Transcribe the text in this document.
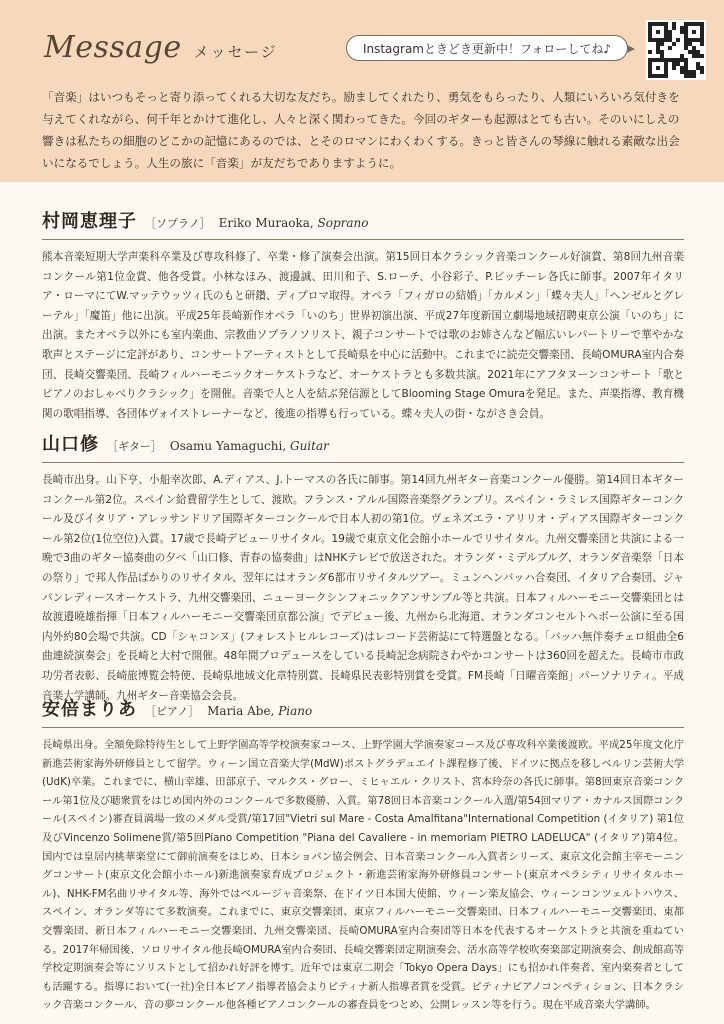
Message メッセージ	Instagramときどき更新中！フォローしてね♪

「音楽」はいつもそっと寄り添ってくれる大切な友だち。励ましてくれたり、勇気をもらったり、人類にいろいろ気付きを与えてくれながら、何千年とかけて進化し、人々と深く関わってきた。今回のギターも起源はとても古い。そのいにしえの響きは私たちの細胞のどこかの記憶にあるのでは、とそのロマンにわくわくする。きっと皆さんの琴線に触れる素敵な出会いになるでしょう。人生の旅に「音楽」が友だちでありますように。

村岡恵理子 ［ソプラノ］ Eriko Muraoka, Soprano

熊本音楽短期大学声楽科卒業及び専攻科修了、卒業・修了演奏会出演。第15回日本クラシック音楽コンクール好演賞、第8回九州音楽コンクール第1位金賞、他各受賞。小林なほみ、渡邊誠、田川和子、S.ローチ、小谷彩子、P.ビッチーレ各氏に師事。2007年イタリア・ローマにてW.マッテウッツィ氏のもと研鑽、ディプロマ取得。オペラ「フィガロの結婚」「カルメン」「蝶々夫人」「ヘンゼルとグレーテル」「魔笛」他に出演。平成25年長崎新作オペラ「いのち」世界初演出演、平成27年度新国立劇場地域招聘東京公演「いのち」に出演。またオペラ以外にも室内楽曲、宗教曲ソプラノソリスト、親子コンサートでは歌のお姉さんなど幅広いレパートリーで華やかな歌声とステージに定評があり、コンサートアーティストとして長崎県を中心に活動中。これまでに読売交響楽団、長崎OMURA室内合奏団、長崎交響楽団、長崎フィルハーモニックオーケストラなど、オーケストラとも多数共演。2021年にアフタヌーンコンサート「歌とピアノのおしゃべりクラシック」を開催。音楽で人と人を結ぶ発信源としてBlooming Stage Omuraを発足。また、声楽指導、教育機関の歌唱指導、各団体ヴォイストレーナーなど、後進の指導も行っている。蝶々夫人の街・ながさき会員。

山口修 ［ギター］ Osamu Yamaguchi, Guitar

長崎市出身。山下亨、小船幸次郎、A.ディアス、J.トーマスの各氏に師事。第14回九州ギター音楽コンクール優勝。第14回日本ギターコンクール第2位。スペイン給費留学生として、渡欧。フランス・アルル国際音楽祭グランプリ。スペイン・ラミレス国際ギターコンクール及びイタリア・アレッサンドリア国際ギターコンクールで日本人初の第1位。ヴェネズエラ・アリリオ・ディアス国際ギターコンクール第2位(1位空位)入賞。17歳で長崎デビューリサイタル。19歳で東京文化会館小ホールでリサイタル。九州交響楽団と共演による一晩で3曲のギター協奏曲の夕べ「山口修、青春の協奏曲」はNHKテレビで放送された。オランダ・ミデルブルグ、オランダ音楽祭「日本の祭り」で邦人作品ばかりのリサイタル、翌年にはオランダ6都市リサイタルツアー。ミュンヘンバッハ合奏団、イタリア合奏団、ジャパンレディースオーケストラ、九州交響楽団、ニューヨークシンフォニックアンサンブル等と共演。日本フィルハーモニー交響楽団とは故渡邉曉雄指揮「日本フィルハーモニー交響楽団京都公演」でデビュー後、九州から北海道、オランダコンセルトヘボー公演に至る国内外約80会場で共演。CD「シャコンヌ」(フォレストヒルレコーズ)はレコード芸術誌にて特選盤となる。「バッハ無伴奏チェロ組曲全6曲連続演奏会」を長崎と大村で開催。48年間プロデュースをしている長崎記念病院さわやかコンサートは360回を超えた。長崎市市政功労者表彰、長崎旅博覧会特使、長崎県地域文化章特別賞、長崎県民表彰特別賞を受賞。FM長崎「日曜音楽館」パーソナリティ。平成音楽大学講師。九州ギター音楽協会会長。

安倍まりあ ［ピアノ］ Maria Abe, Piano

長崎県出身。全額免除特待生として上野学園高等学校演奏家コース、上野学園大学演奏家コース及び専攻科卒業後渡欧。平成25年度文化庁新進芸術家海外研修員として留学。ウィーン国立音楽大学(MdW)ポストグラデュエイト課程修了後、ドイツに拠点を移しベルリン芸術大学(UdK)卒業。これまでに、横山幸雄、田部京子、マルクス・グロー、ミヒャエル・クリスト、宮本玲奈の各氏に師事。第8回東京音楽コンクール第1位及び聴衆賞をはじめ国内外のコンクールで多数優勝、入賞。第78回日本音楽コンクール入選/第54回マリア・カナルス国際コンクール(スペイン)審査員満場一致のメダル受賞/第17回"Vietri sul Mare - Costa Amalfitana"International Competition (イタリア) 第1位及びVincenzo Solimene賞/第5回Piano Competition "Piana del Cavaliere - in memoriam PIETRO LADELUCA" (イタリア)第4位。国内では皇居内桃華楽堂にて御前演奏をはじめ、日本ショパン協会例会、日本音楽コンクール入賞者シリーズ、東京文化会館主宰モーニングコンサート(東京文化会館小ホール)新進演奏家育成プロジェクト・新進芸術家海外研修員コンサート(東京オペラシティリサイタルホール)、NHK-FM名曲リサイタル等、海外ではベルージャ音楽祭、在ドイツ日本国大使館、ウィーン楽友協会、ウィーンコンツェルトハウス、スペイン、オランダ等にて多数演奏。これまでに、東京交響楽団、東京フィルハーモニー交響楽団、日本フィルハーモニー交響楽団、東都交響楽団、新日本フィルハーモニー交響楽団、九州交響楽団、長崎OMURA室内合奏団等日本を代表するオーケストラと共演を重ねている。2017年帰国後、ソロリサイタル他長崎OMURA室内合奏団、長崎交響楽団定期演奏会、活水高等学校吹奏楽部定期演奏会、創成館高等学校定期演奏会等にソリストとして招かれ好評を博す。近年では東京二期会「Tokyo Opera Days」にも招かれ伴奏者、室内楽奏者としても活躍する。指導において(一社)全日本ピアノ指導者協会よりピティナ新人指導者賞を受賞。ピティナピアノコンペティション、日本クラシック音楽コンクール、音の夢コンクール他各種ピアノコンクールの審査員をつとめ、公開レッスン等を行う。現在平成音楽大学講師。
